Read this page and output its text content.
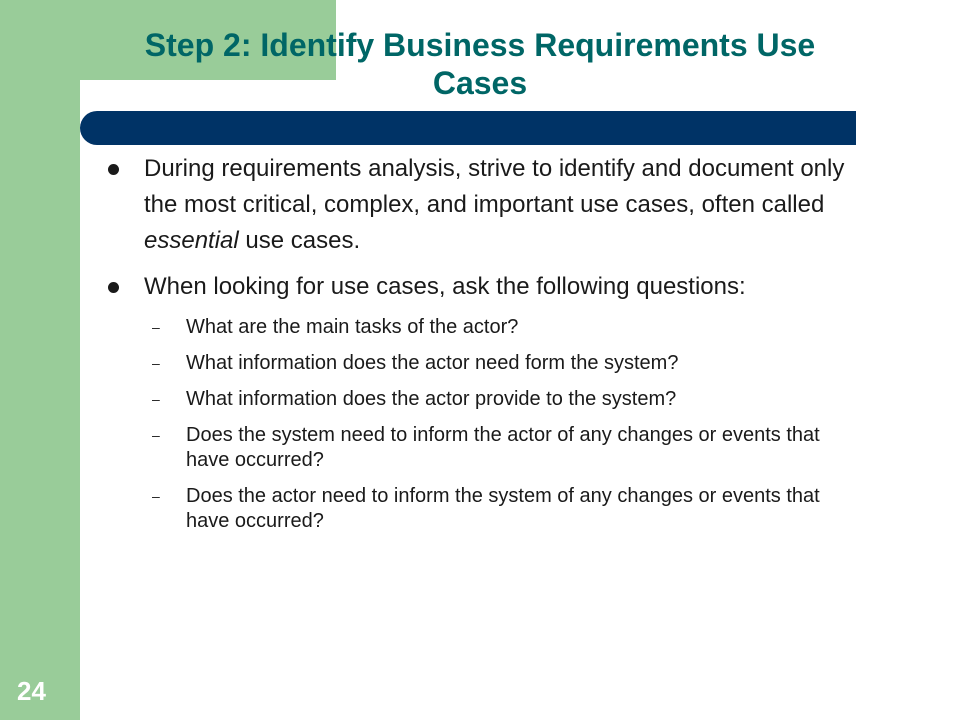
Step 2: Identify Business Requirements Use
Cases
During requirements analysis, strive to identify and document only the most critical, complex, and important use cases, often called essential use cases.
When looking for use cases, ask the following questions:
– What are the main tasks of the actor?
– What information does the actor need form the system?
– What information does the actor provide to the system?
– Does the system need to inform the actor of any changes or events that have occurred?
– Does the actor need to inform the system of any changes or events that have occurred?
24
